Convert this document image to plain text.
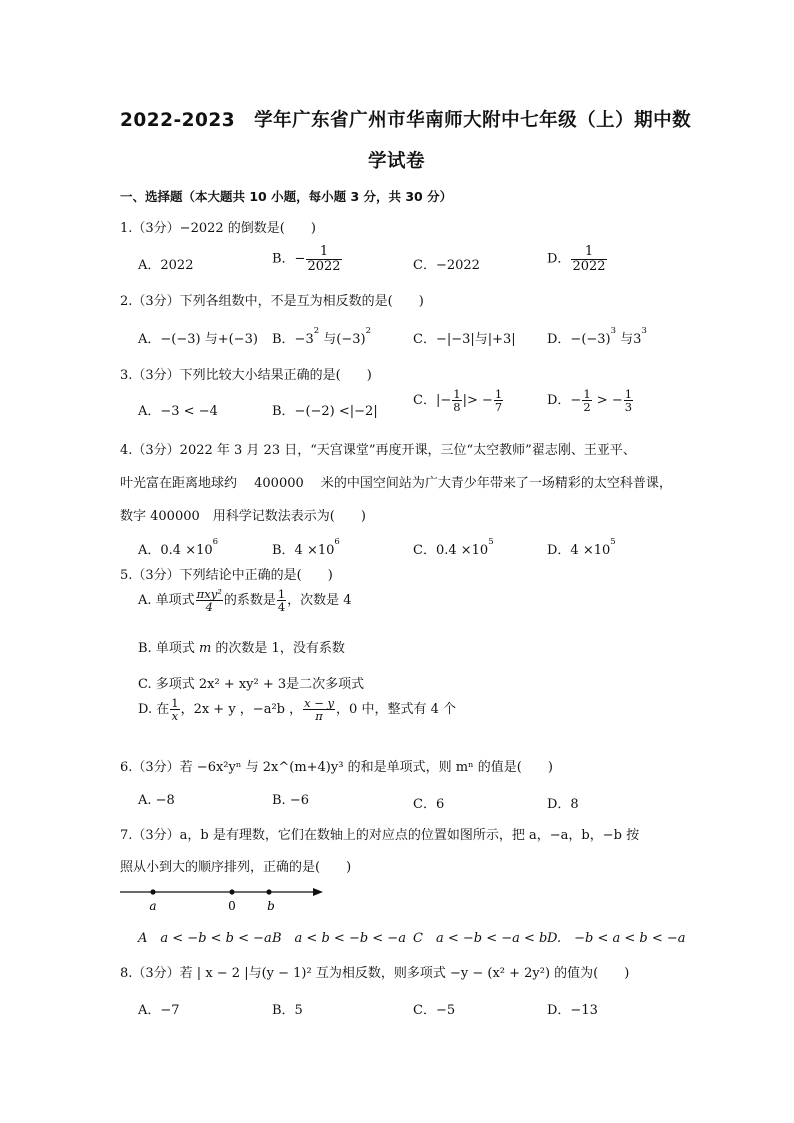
2022-2023　学年广东省广州市华南师大附中七年级（上）期中数
学试卷
一、选择题（本大题共 10 小题，每小题 3 分，共 30 分）
1.（3分）−2022 的倒数是(　　)
A．2022	B．− $\frac{1}{2022}$	C．−2022	D． $\frac{1}{2022}$
2.（3分）下列各组数中，不是互为相反数的是(　　)
A．−(−3) 与+(−3) B．$-3^2$ 与$(-3)^2$
C．−|−3|与|+3| D．$-(-3)^3$ 与$3^3$
3.（3分）下列比较大小结果正确的是(　　)
A．−3 < −4	B．−(−2) <|−2|
C．|− $\frac{1}{8}$ |> − $\frac{1}{7}$	D．− $\frac{1}{2}$ > − $\frac{1}{3}$
4.（3分）2022 年 3 月 23 日，“天宫课堂”再度开课，三位“太空教师”翟志刚、王亚平、
叶光富在距离地球约　 400000　 米的中国空间站为广大青少年带来了一场精彩的太空科普课，
数字 400000　用科学记数法表示为(　　)
A．$0.4 \times 10^6$
B．$4 \times 10^6$
C．$0.4 \times 10^5$
D．$4 \times 10^5$
5.（3分）下列结论中正确的是(　　)
A. 单项式 $\frac{\text{πxy²}}{4}$ 的系数是 $\frac{1}{4}$ ，次数是 4
B. 单项式 m 的次数是 1，没有系数
C. 多项式 2x² + xy² + 3是二次多项式
D. 在 $\frac{1}{x}$ ，2x + y ，−a²b ， $\frac{x - y}{\pi}$ ，0 中，整式有 4 个
6.（3分）若 −6x²yⁿ 与 2x^(m+4)y³ 的和是单项式，则 mⁿ 的值是(　　)
A. −8	B. −6	C．6	D．8
7.（3分）a，b 是有理数，它们在数轴上的对应点的位置如图所示，把 a，−a，b，−b 按
照从小到大的顺序排列，正确的是(　　)
a	0	b
A　a < −b < b < −a B　a < b < −b < −a C　a < −b < −a < b D.　−b < a < b < −a
8.（3分）若 | x − 2 |与(y − 1)² 互为相反数，则多项式 −y − (x² + 2y²) 的值为(　　)
A．−7	B．5	C．−5	D．−13
